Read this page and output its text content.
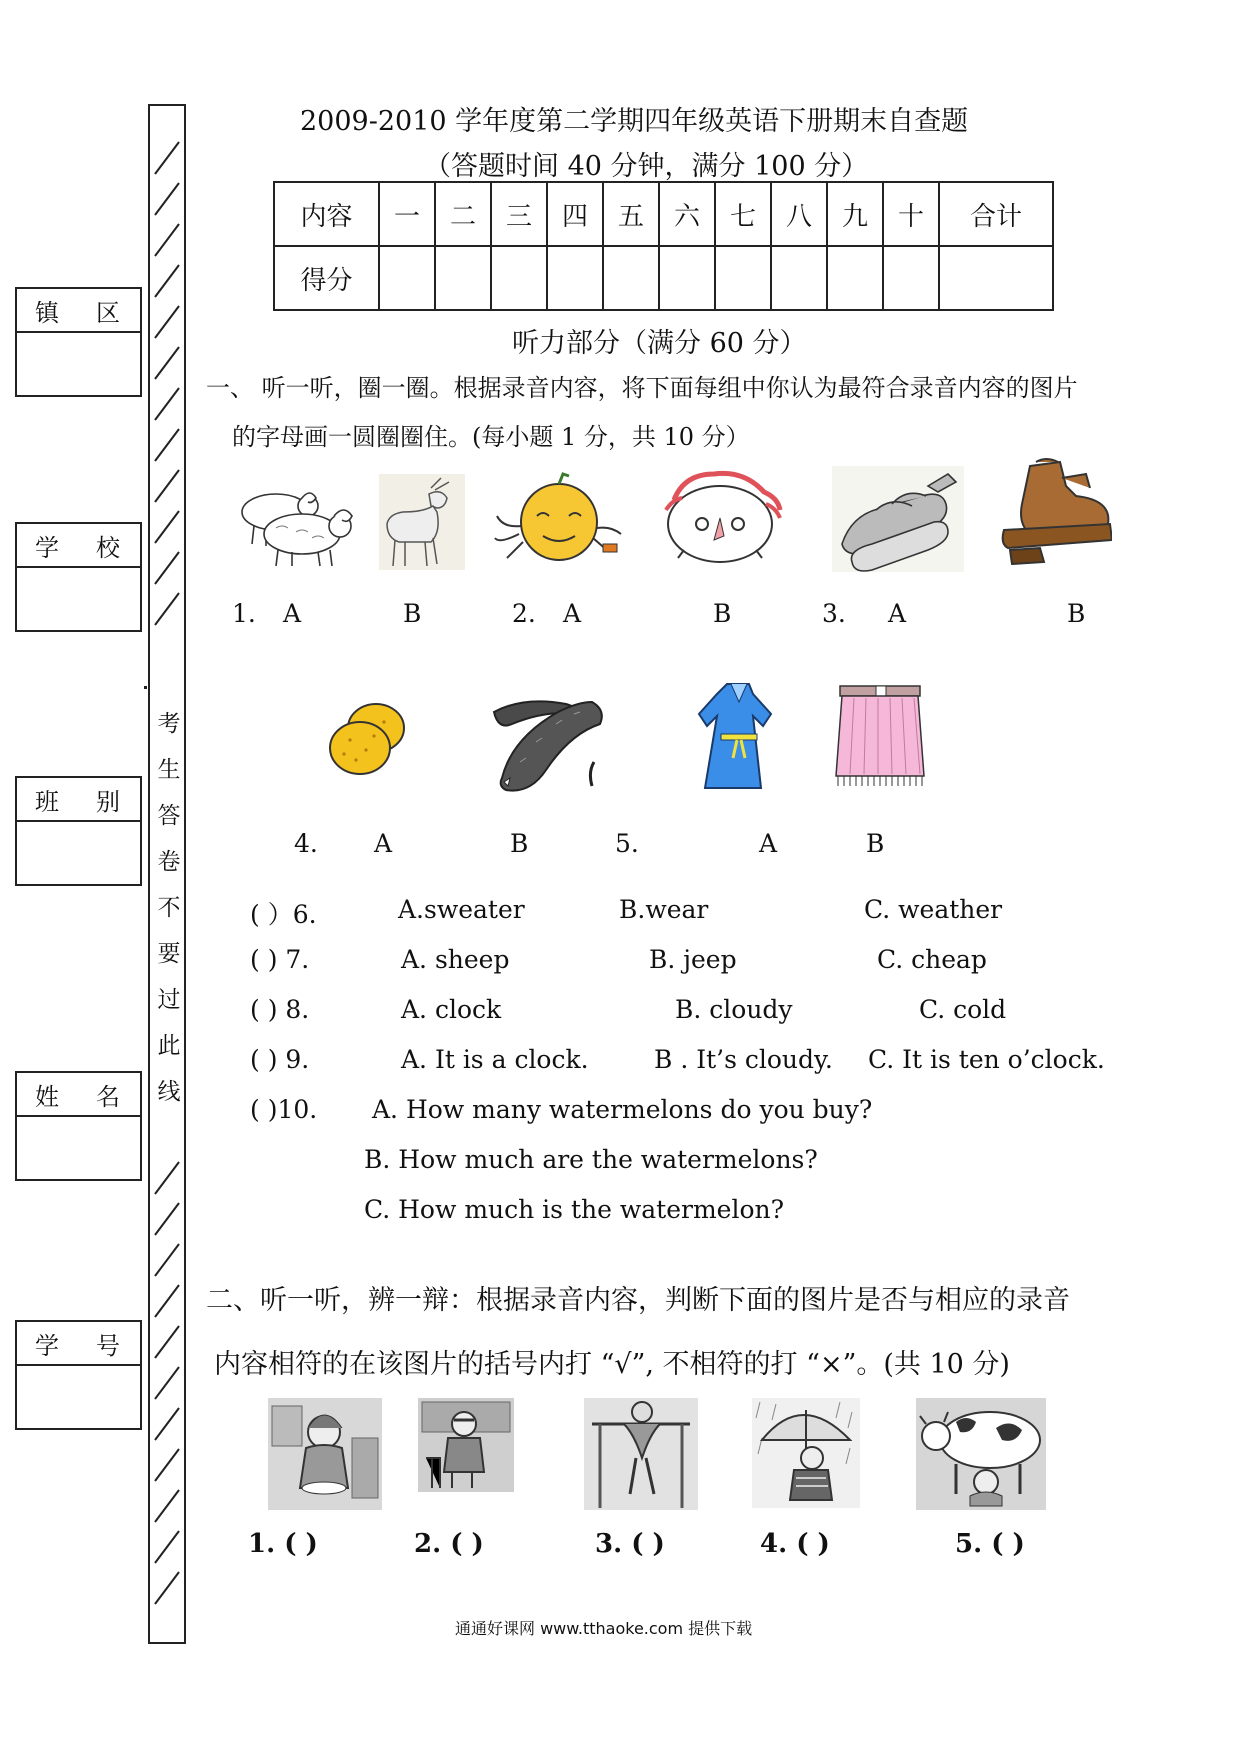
镇 区
学 校
班 别
姓 名
学 号
考
生
答
卷
不
要
过
此
线
2009-2010 学年度第二学期四年级英语下册期末自查题
（答题时间 40 分钟，满分 100 分）
内容	一	二	三	四	五	六	七	八	九	十	合计
得分											
听力部分（满分 60 分）
一、 听一听，圈一圈。根据录音内容，将下面每组中你认为最符合录音内容的图片
的字母画一圆圈圈住。(每小题 1 分，共 10 分）
1. A	B	2. A	B	3. A	B
4. A	B	5.	A	B
( ）6.	A.sweater	B.wear	C. weather
( ) 7.	A. sheep	B. jeep	C. cheap
( ) 8.	A. clock	B. cloudy	C. cold
( ) 9.	A. It is a clock.	B . It’s cloudy. C. It is ten o’clock.
( )10. A. How many watermelons do you buy?
B. How much are the watermelons?
C. How much is the watermelon?
二、听一听，辨一辩：根据录音内容，判断下面的图片是否与相应的录音
内容相符的在该图片的括号内打 “√”, 不相符的打 “×”。(共 10 分)
1. ( )	2. ( )	3. ( )	4. ( )	5. ( )
通通好课网 www.tthaoke.com 提供下载
